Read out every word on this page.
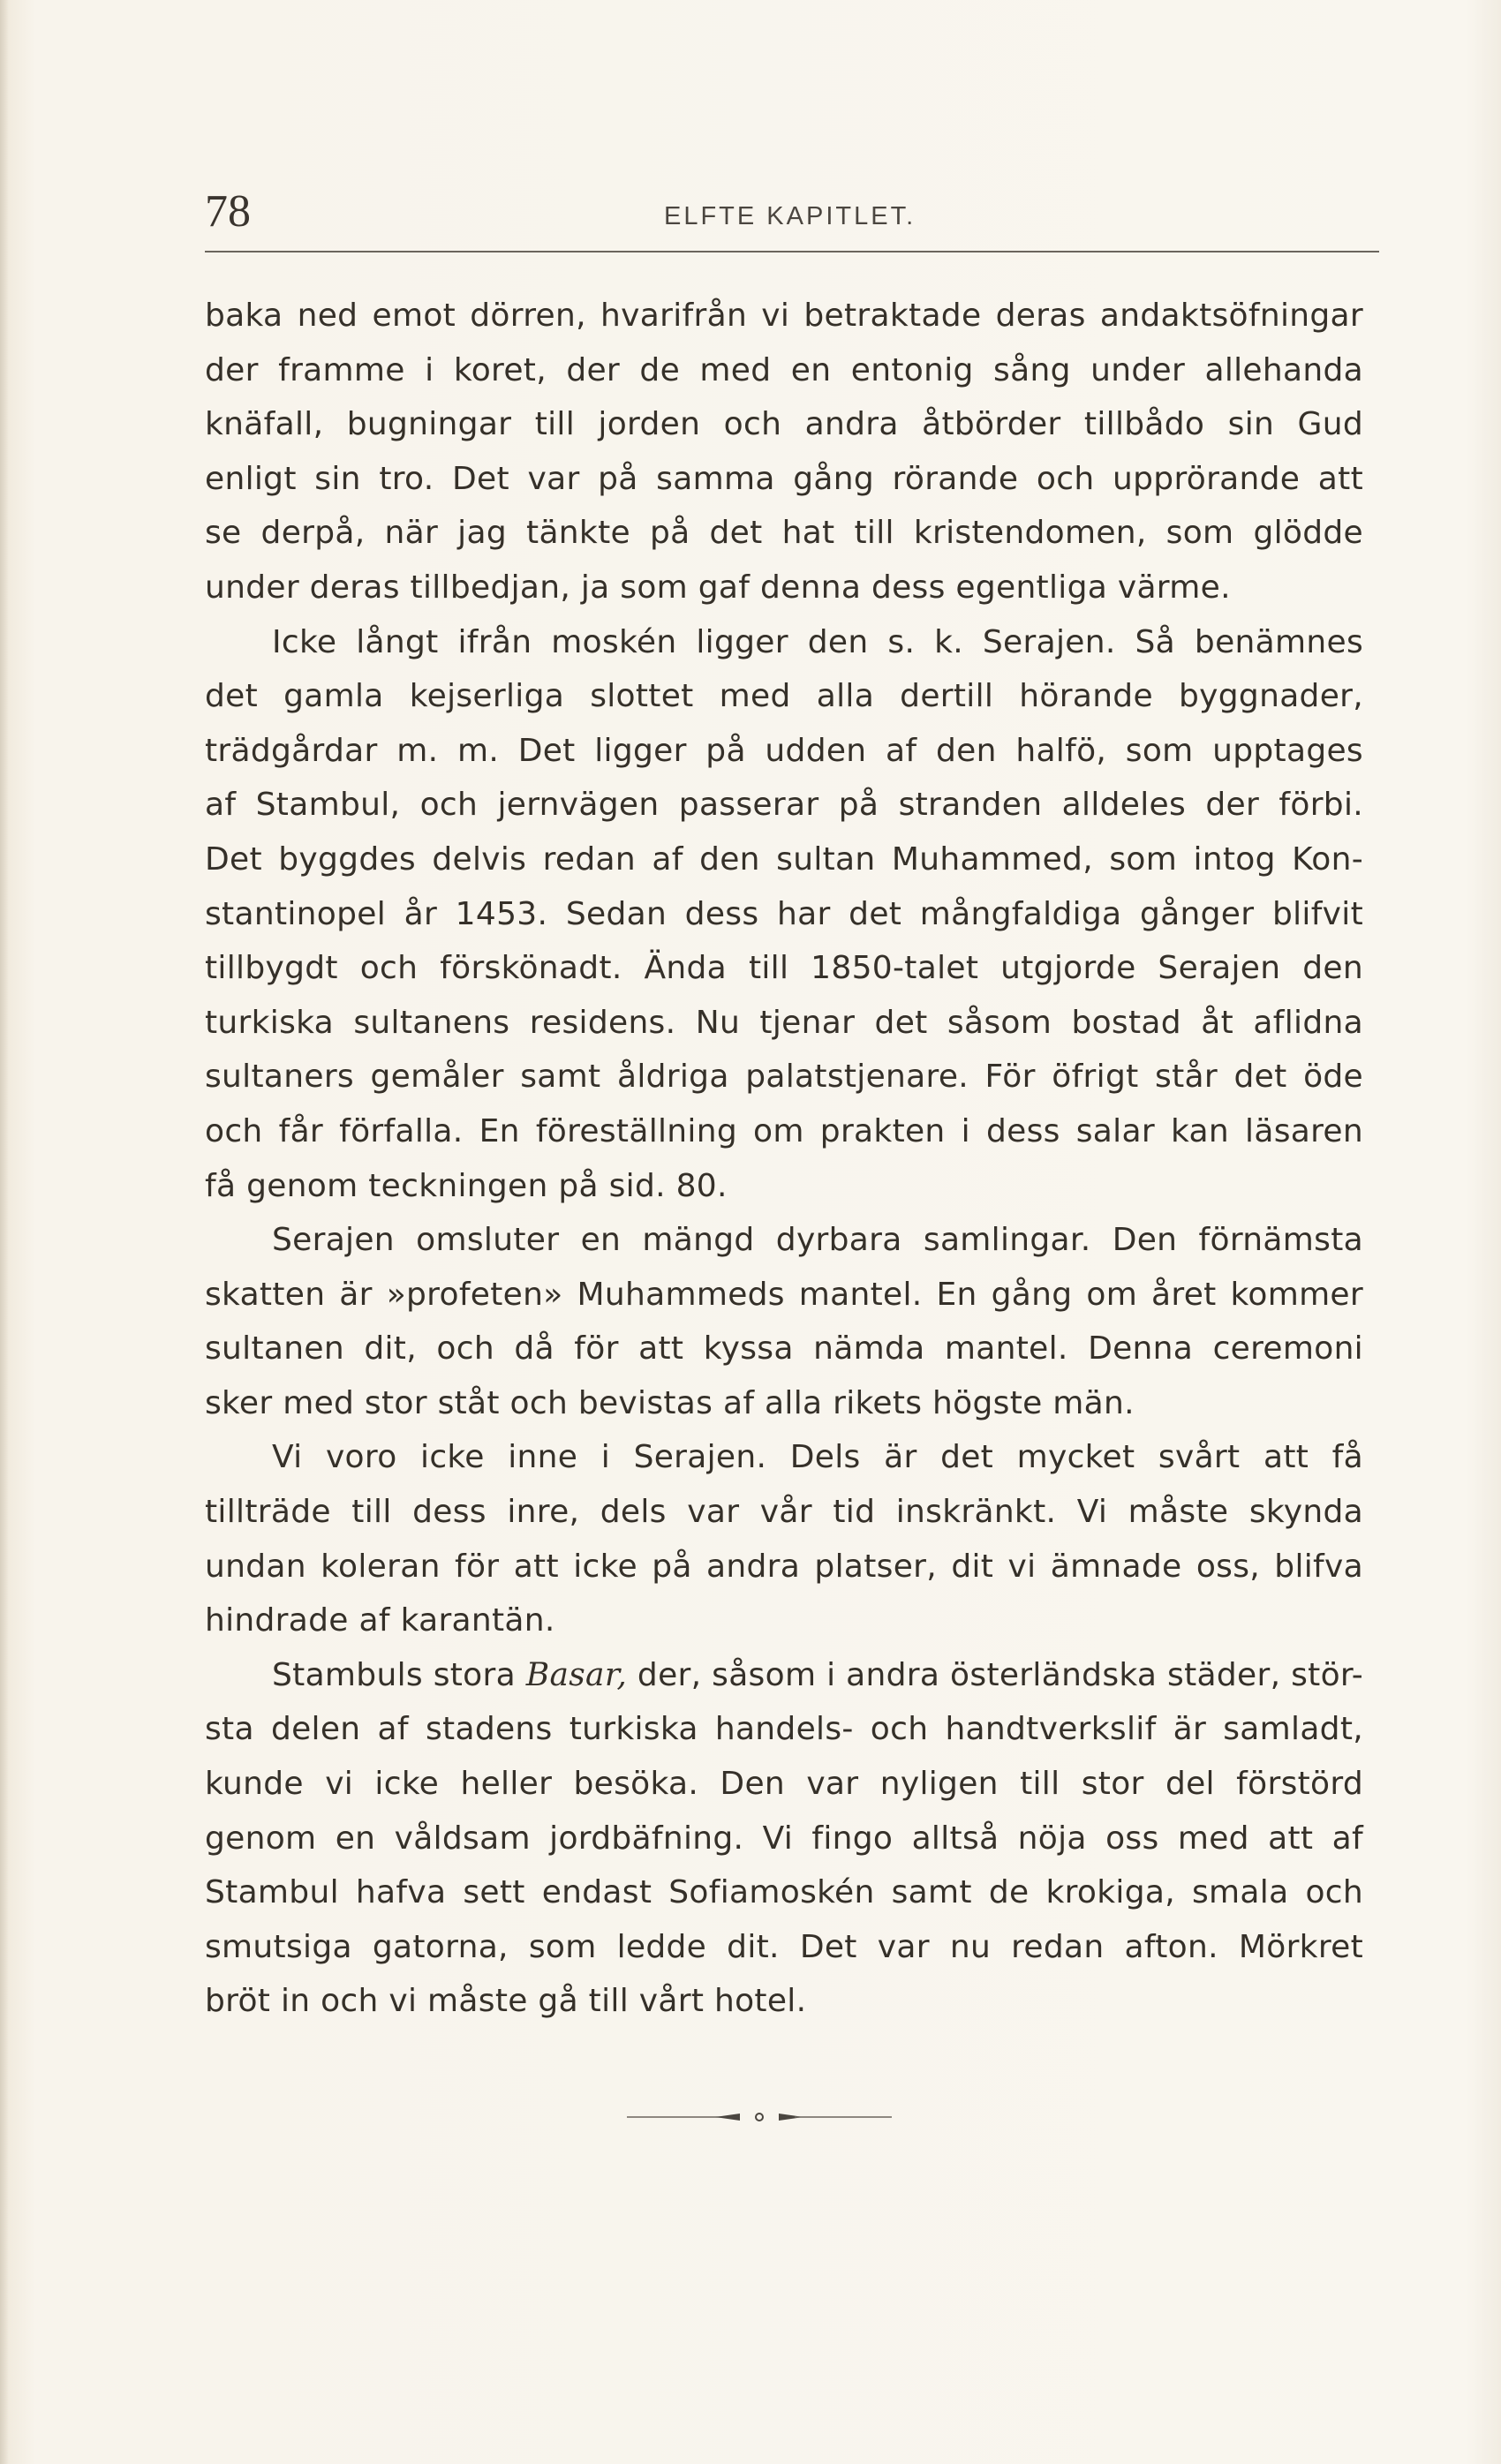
78	ELFTE KAPITLET.
baka ned emot dörren, hvarifrån vi betraktade deras andaktsöfningar
der framme i koret, der de med en entonig sång under allehanda
knäfall, bugningar till jorden och andra åtbörder tillbådo sin Gud
enligt sin tro. Det var på samma gång rörande och upprörande att
se derpå, när jag tänkte på det hat till kristendomen, som glödde
under deras tillbedjan, ja som gaf denna dess egentliga värme.
Icke långt ifrån moskén ligger den s. k. Serajen. Så benämnes
det gamla kejserliga slottet med alla dertill hörande byggnader,
trädgårdar m. m. Det ligger på udden af den halfö, som upptages
af Stambul, och jernvägen passerar på stranden alldeles der förbi.
Det byggdes delvis redan af den sultan Muhammed, som intog Kon-
stantinopel år 1453. Sedan dess har det mångfaldiga gånger blifvit
tillbygdt och förskönadt. Ända till 1850-talet utgjorde Serajen den
turkiska sultanens residens. Nu tjenar det såsom bostad åt aflidna
sultaners gemåler samt åldriga palatstjenare. För öfrigt står det öde
och får förfalla. En föreställning om prakten i dess salar kan läsaren
få genom teckningen på sid. 80.
Serajen omsluter en mängd dyrbara samlingar. Den förnämsta
skatten är »profeten» Muhammeds mantel. En gång om året kommer
sultanen dit, och då för att kyssa nämda mantel. Denna ceremoni
sker med stor ståt och bevistas af alla rikets högste män.
Vi voro icke inne i Serajen. Dels är det mycket svårt att få
tillträde till dess inre, dels var vår tid inskränkt. Vi måste skynda
undan koleran för att icke på andra platser, dit vi ämnade oss, blifva
hindrade af karantän.
Stambuls stora Basar, der, såsom i andra österländska städer, stör-
sta delen af stadens turkiska handels- och handtverkslif är samladt,
kunde vi icke heller besöka. Den var nyligen till stor del förstörd
genom en våldsam jordbäfning. Vi fingo alltså nöja oss med att af
Stambul hafva sett endast Sofiamoskén samt de krokiga, smala och
smutsiga gatorna, som ledde dit. Det var nu redan afton. Mörkret
bröt in och vi måste gå till vårt hotel.
